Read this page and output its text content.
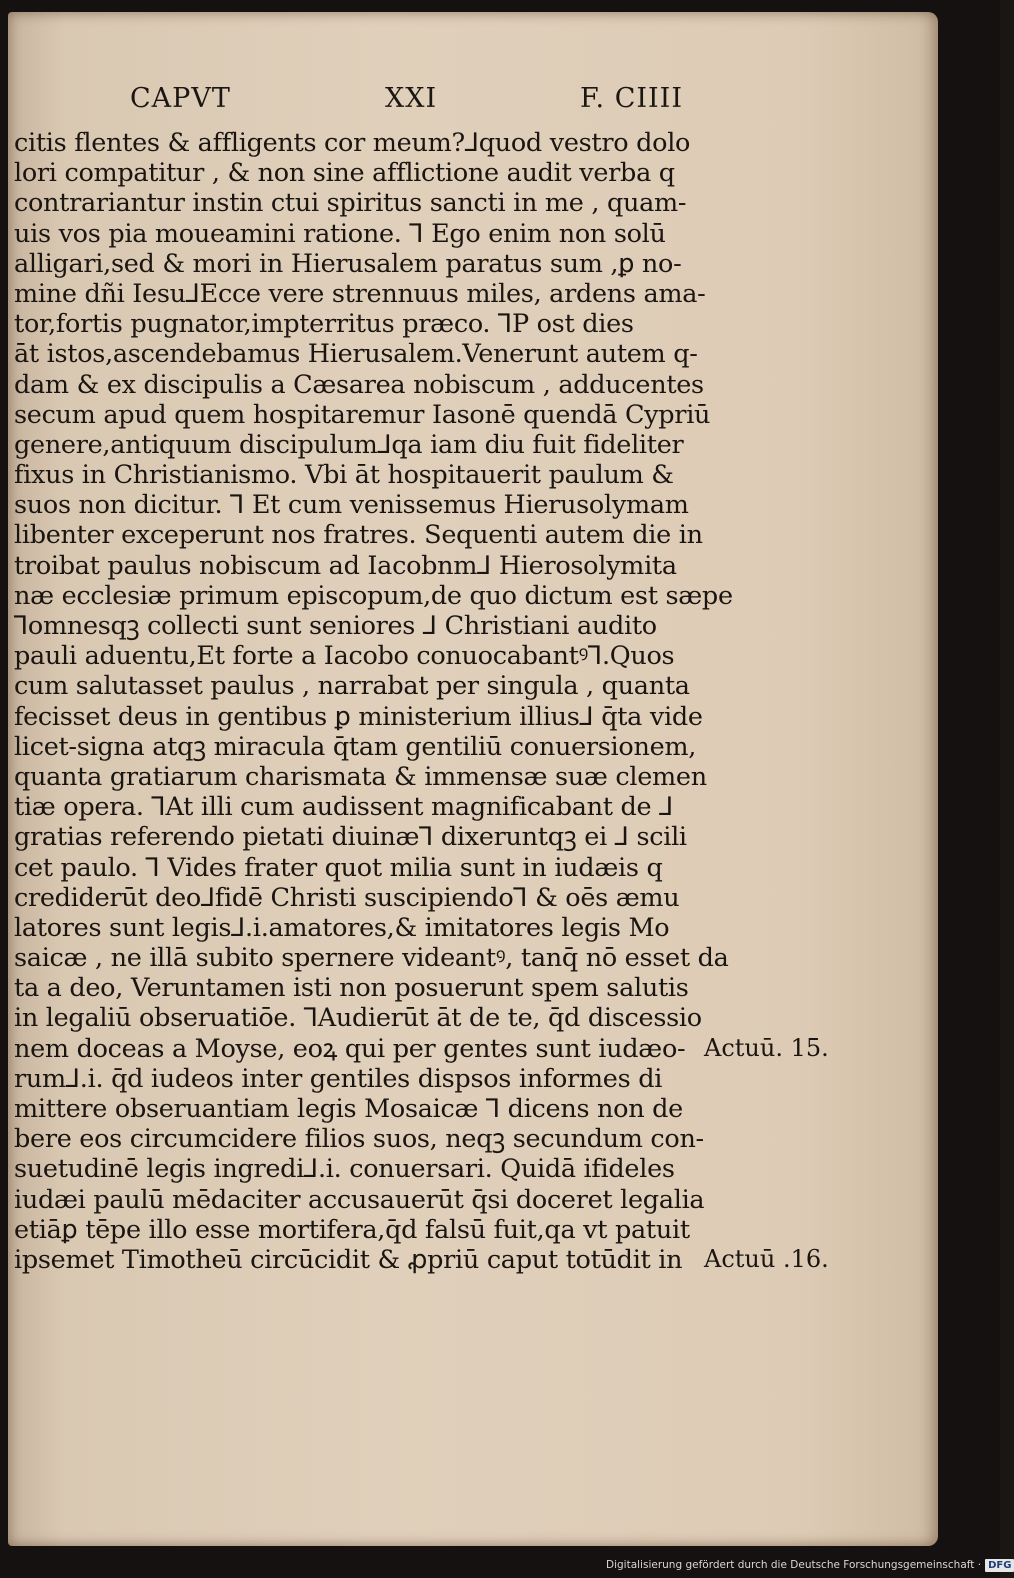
CAPVT	XXI	F. CIIII
citis flentes & affligents cor meum?⅃quod vestro dolo
lori compatitur , & non sine afflictione audit verba q
contrariantur instin ctui spiritus sancti in me , quam-
uis vos pia moueamini ratione. ⅂ Ego enim non solū
alligari,sed & mori in Hierusalem paratus sum ,ꝑ no-
mine dñi Iesu⅃Ecce vere strennuus miles, ardens ama-
tor,fortis pugnator,impterritus præco. ⅂P ost dies
āt istos,ascendebamus Hierusalem.Venerunt autem q-
dam & ex discipulis a Cæsarea nobiscum , adducentes
secum apud quem hospitaremur Iasonē quendā Cypriū
genere,antiquum discipulum⅃qa iam diu fuit fideliter
fixus in Christianismo. Vbi āt hospitauerit paulum &
suos non dicitur. ⅂ Et cum venissemus Hierusolymam
libenter exceperunt nos fratres. Sequenti autem die in
troibat paulus nobiscum ad Iacobnm⅃ Hierosolymita
næ ecclesiæ primum episcopum,de quo dictum est sæpe
⅂omnesqꝫ collecti sunt seniores ⅃ Christiani audito
pauli aduentu,Et forte a Iacobo conuocabantꝰ⅂.Quos
cum salutasset paulus , narrabat per singula , quanta
fecisset deus in gentibus ꝑ ministerium illius⅃ q̄ta vide
licet-signa atqꝫ miracula q̄tam gentiliū conuersionem,
quanta gratiarum charismata & immensæ suæ clemen
tiæ opera. ⅂At illi cum audissent magnificabant de ⅃
gratias referendo pietati diuinæ⅂ dixeruntqꝫ ei ⅃ scili
cet paulo. ⅂ Vides frater quot milia sunt in iudæis q
crediderūt deo⅃fidē Christi suscipiendo⅂ & oēs æmu
latores sunt legis⅃.i.amatores,& imitatores legis Mo
saicæ , ne illā subito spernere videantꝰ, tanq̄ nō esset da
ta a deo, Veruntamen isti non posuerunt spem salutis
in legaliū obseruatiōe. ⅂Audierūt āt de te, q̄d discessio
nem doceas a Moyse, eoꝝ qui per gentes sunt iudæo-
rum⅃.i. q̄d iudeos inter gentiles dispsos informes di
mittere obseruantiam legis Mosaicæ ⅂ dicens non de
bere eos circumcidere filios suos, neqꝫ secundum con-
suetudinē legis ingredi⅃.i. conuersari. Quidā ifideles
iudæi paulū mēdaciter accusauerūt q̄si doceret legalia
etiāꝑ tēpe illo esse mortifera,q̄d falsū fuit,qa vt patuit
ipsemet Timotheū circūcidit & ꝓpriū caput totūdit in
Digitalisierung gefördert durch die Deutsche Forschungsgemeinschaft · DFG
Actuū. 15.
Actuū .16.
